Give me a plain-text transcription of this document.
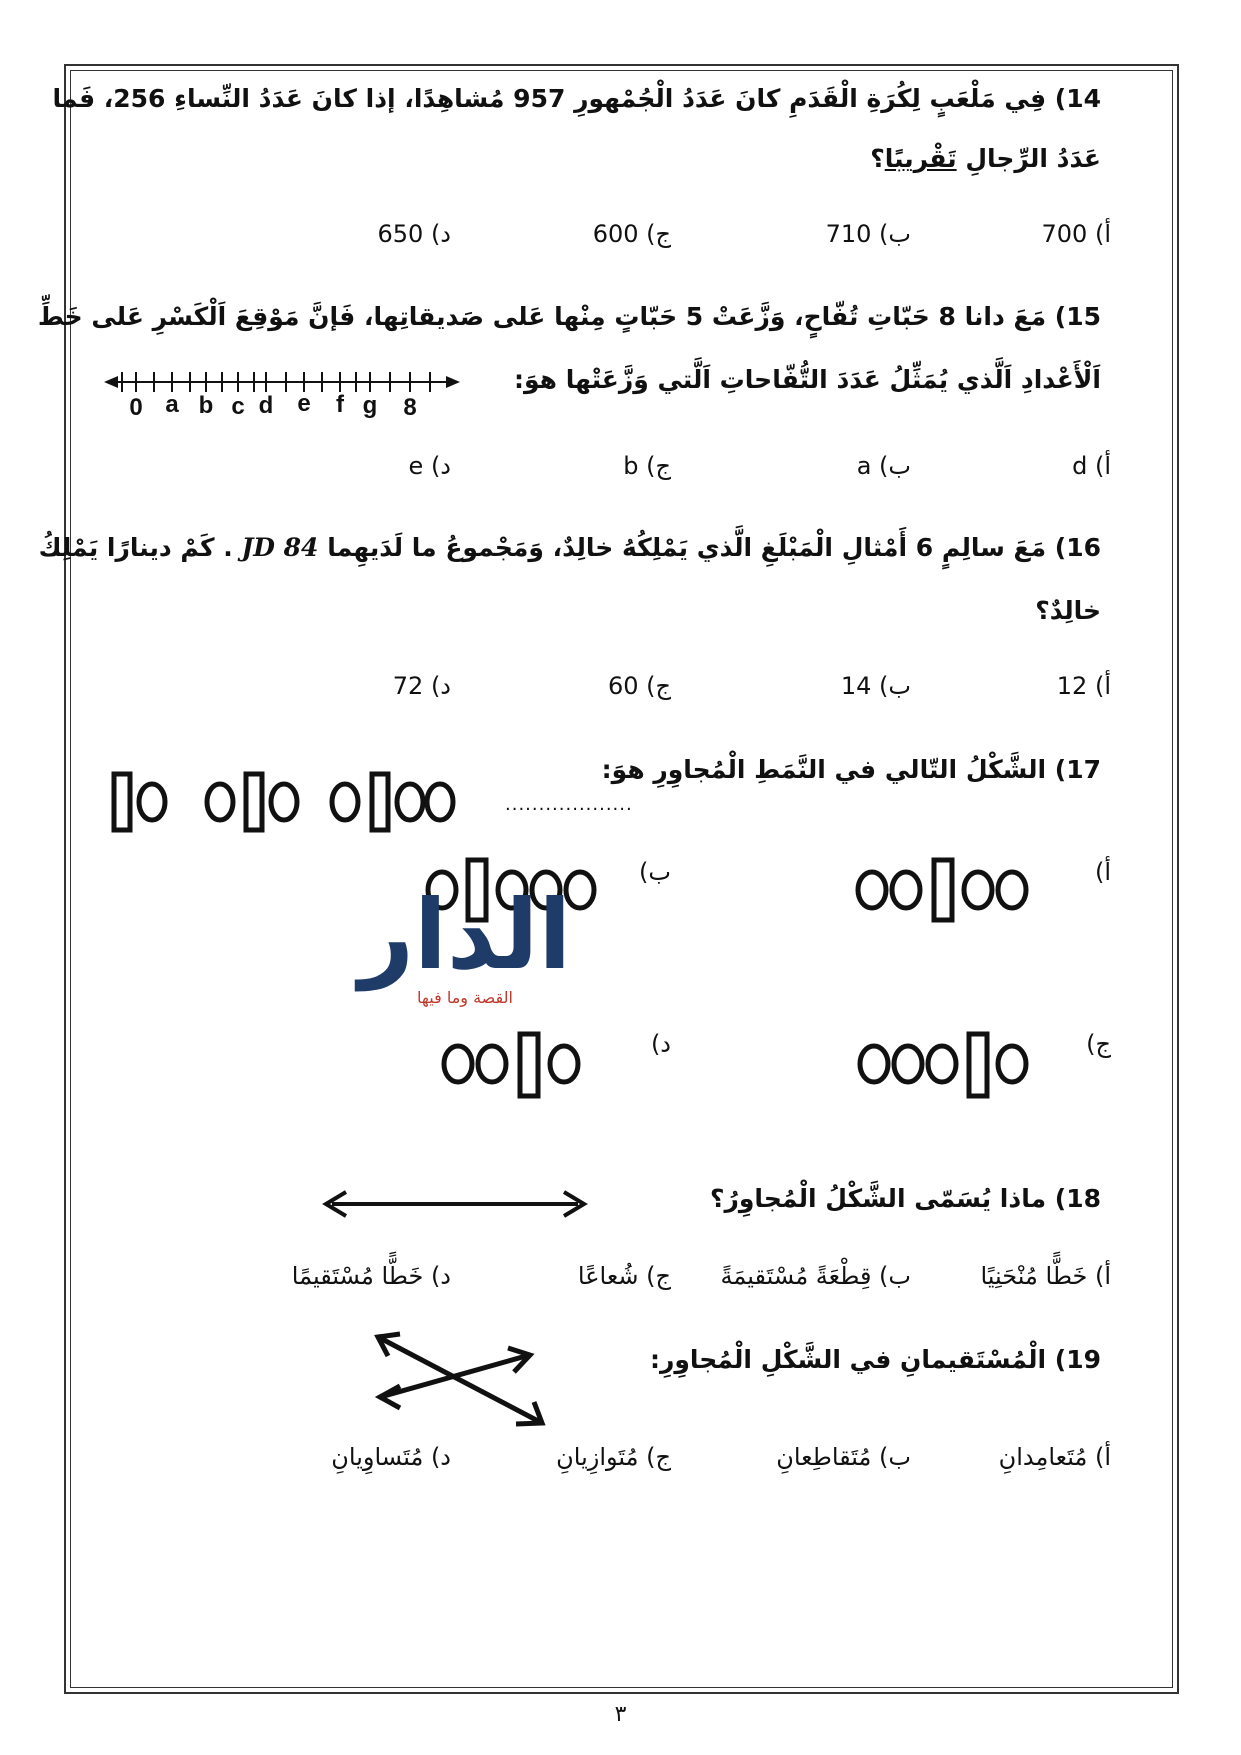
14) فِي مَلْعَبٍ لِكُرَةِ الْقَدَمِ كانَ عَدَدُ الْجُمْهورِ 957 مُشاهِدًا، إذا كانَ عَدَدُ النِّساءِ 256، فَما
عَدَدُ الرِّجالِ تَقْريبًا؟
أ) 700
ب) 710
ج) 600
د) 650
15) مَعَ دانا 8 حَبّاتِ تُفّاحٍ، وَزَّعَتْ 5 حَبّاتٍ مِنْها عَلى صَديقاتِها، فَإنَّ مَوْقِعَ اَلْكَسْرِ عَلى خَطِّ
اَلْأَعْدادِ اَلَّذي يُمَثِّلُ عَدَدَ التُّفّاحاتِ اَلَّتي وَزَّعَتْها هوَ:
0 a b c d e f g 8
أ) d
ب) a
ج) b
د) e
16) مَعَ سالِمٍ 6 أَمْثالِ الْمَبْلَغِ الَّذي يَمْلِكُهُ خالِدٌ، وَمَجْموعُ ما لَدَيهِما JD 84 . كَمْ دينارًا يَمْلِكُ
خالِدٌ؟
أ) 12
ب) 14
ج) 60
د) 72
17) الشَّكْلُ التّالي في النَّمَطِ الْمُجاوِرِ هوَ:
...................
أ)
ب)
الدار
القصة وما فيها
ج)
د)
18) ماذا يُسَمّى الشَّكْلُ الْمُجاوِرُ؟
أ) خَطًّا مُنْحَنِيًا
ب) قِطْعَةً مُسْتَقيمَةً
ج) شُعاعًا
د) خَطًّا مُسْتَقيمًا
19) الْمُسْتَقيمانِ في الشَّكْلِ الْمُجاوِرِ:
أ) مُتَعامِدانِ
ب) مُتَقاطِعانِ
ج) مُتَوازِيانِ
د) مُتَساوِيانِ
٣
